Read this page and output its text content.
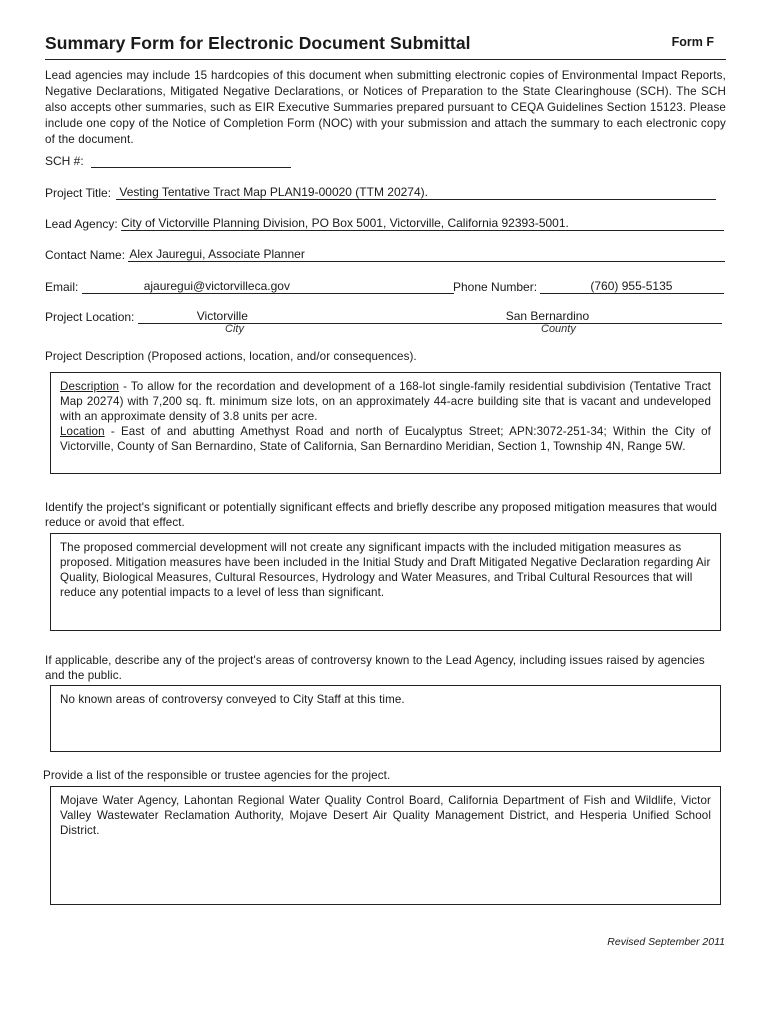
Summary Form for Electronic Document Submittal	Form F
Lead agencies may include 15 hardcopies of this document when submitting electronic copies of Environmental Impact Reports, Negative Declarations, Mitigated Negative Declarations, or Notices of Preparation to the State Clearinghouse (SCH). The SCH also accepts other summaries, such as EIR Executive Summaries prepared pursuant to CEQA Guidelines Section 15123. Please include one copy of the Notice of Completion Form (NOC) with your submission and attach the summary to each electronic copy of the document.
SCH #:
Project Title: Vesting Tentative Tract Map PLAN19-00020 (TTM 20274).
Lead Agency: City of Victorville Planning Division, PO Box 5001, Victorville, California 92393-5001.
Contact Name: Alex Jauregui, Associate Planner
Email:	ajauregui@victorvilleca.gov	Phone Number:	(760) 955-5135
Project Location:	Victorville	San Bernardino
City	County
Project Description (Proposed actions, location, and/or consequences).
Description - To allow for the recordation and development of a 168-lot single-family residential subdivision (Tentative Tract Map 20274) with 7,200 sq. ft. minimum size lots, on an approximately 44-acre building site that is vacant and undeveloped with an approximate density of 3.8 units per acre.
Location - East of and abutting Amethyst Road and north of Eucalyptus Street; APN:3072-251-34; Within the City of Victorville, County of San Bernardino, State of California, San Bernardino Meridian, Section 1, Township 4N, Range 5W.
Identify the project's significant or potentially significant effects and briefly describe any proposed mitigation measures that would reduce or avoid that effect.
The proposed commercial development will not create any significant impacts with the included mitigation measures as proposed. Mitigation measures have been included in the Initial Study and Draft Mitigated Negative Declaration regarding Air Quality, Biological Measures, Cultural Resources, Hydrology and Water Measures, and Tribal Cultural Resources that will reduce any potential impacts to a level of less than significant.
If applicable, describe any of the project's areas of controversy known to the Lead Agency, including issues raised by agencies and the public.
No known areas of controversy conveyed to City Staff at this time.
Provide a list of the responsible or trustee agencies for the project.
Mojave Water Agency, Lahontan Regional Water Quality Control Board, California Department of Fish and Wildlife, Victor Valley Wastewater Reclamation Authority, Mojave Desert Air Quality Management District, and Hesperia Unified School District.
Revised September 2011
